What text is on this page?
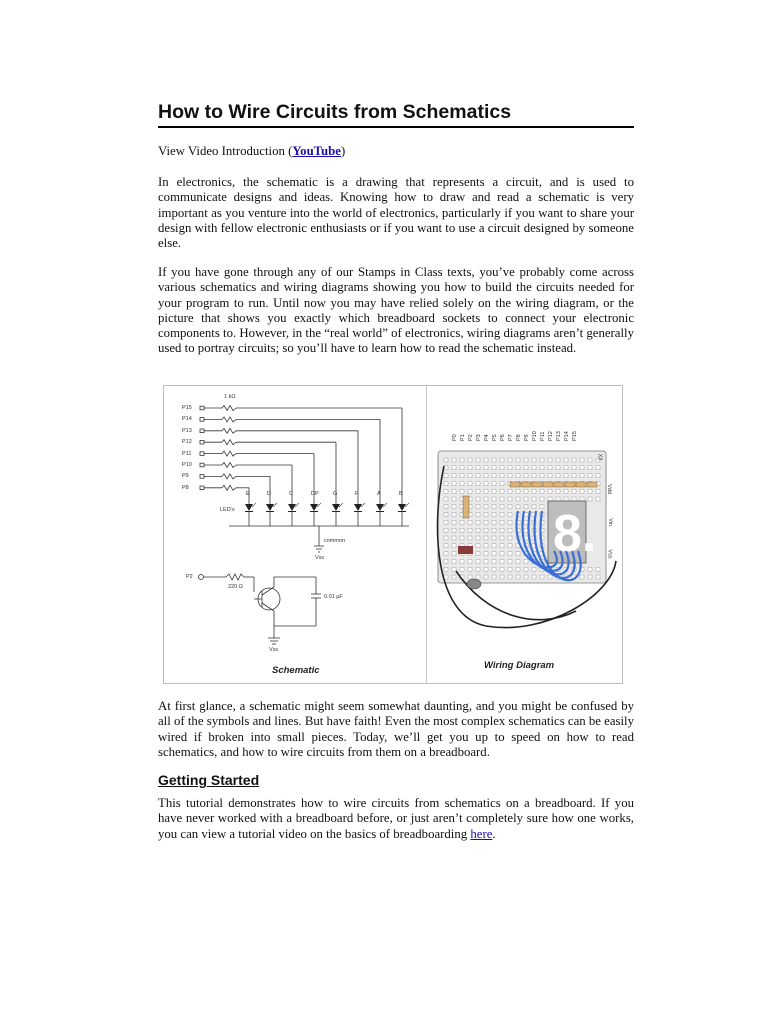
How to Wire Circuits from Schematics

View Video Introduction (YouTube)

In electronics, the schematic is a drawing that represents a circuit, and is used to communicate designs and ideas. Knowing how to draw and read a schematic is very important as you venture into the world of electronics, particularly if you want to share your design with fellow electronic enthusiasts or if you want to use a circuit designed by someone else.

If you have gone through any of our Stamps in Class texts, you’ve probably come across various schematics and wiring diagrams showing you how to build the circuits needed for your program to run. Until now you may have relied solely on the wiring diagram, or the picture that shows you exactly which breadboard sockets to connect your electronic components to. However, in the “real world” of electronics, wiring diagrams aren’t generally used to portray circuits; so you’ll have to learn how to read the schematic instead.

1 kΩ
P15
P14
P13
P12
P11
P10
P9
P8
E	D	C	DP	G	F	A	B
LED’s
common
Vss
P2
220 Ω
0.01 µF
Vss
8.
P15
P14
P13
P12
P11
P10
P9
P8
P7
P6
P5
P4
P3
P2
P1
P0
Vdd
Vin
Vss
X3
Schematic	Wiring Diagram

At first glance, a schematic might seem somewhat daunting, and you might be confused by all of the symbols and lines. But have faith! Even the most complex schematics can be easily wired if broken into small pieces. Today, we’ll get you up to speed on how to read schematics, and how to wire circuits from them on a breadboard.

Getting Started

This tutorial demonstrates how to wire circuits from schematics on a breadboard. If you have never worked with a breadboard before, or just aren’t completely sure how one works, you can view a tutorial video on the basics of breadboarding here.
